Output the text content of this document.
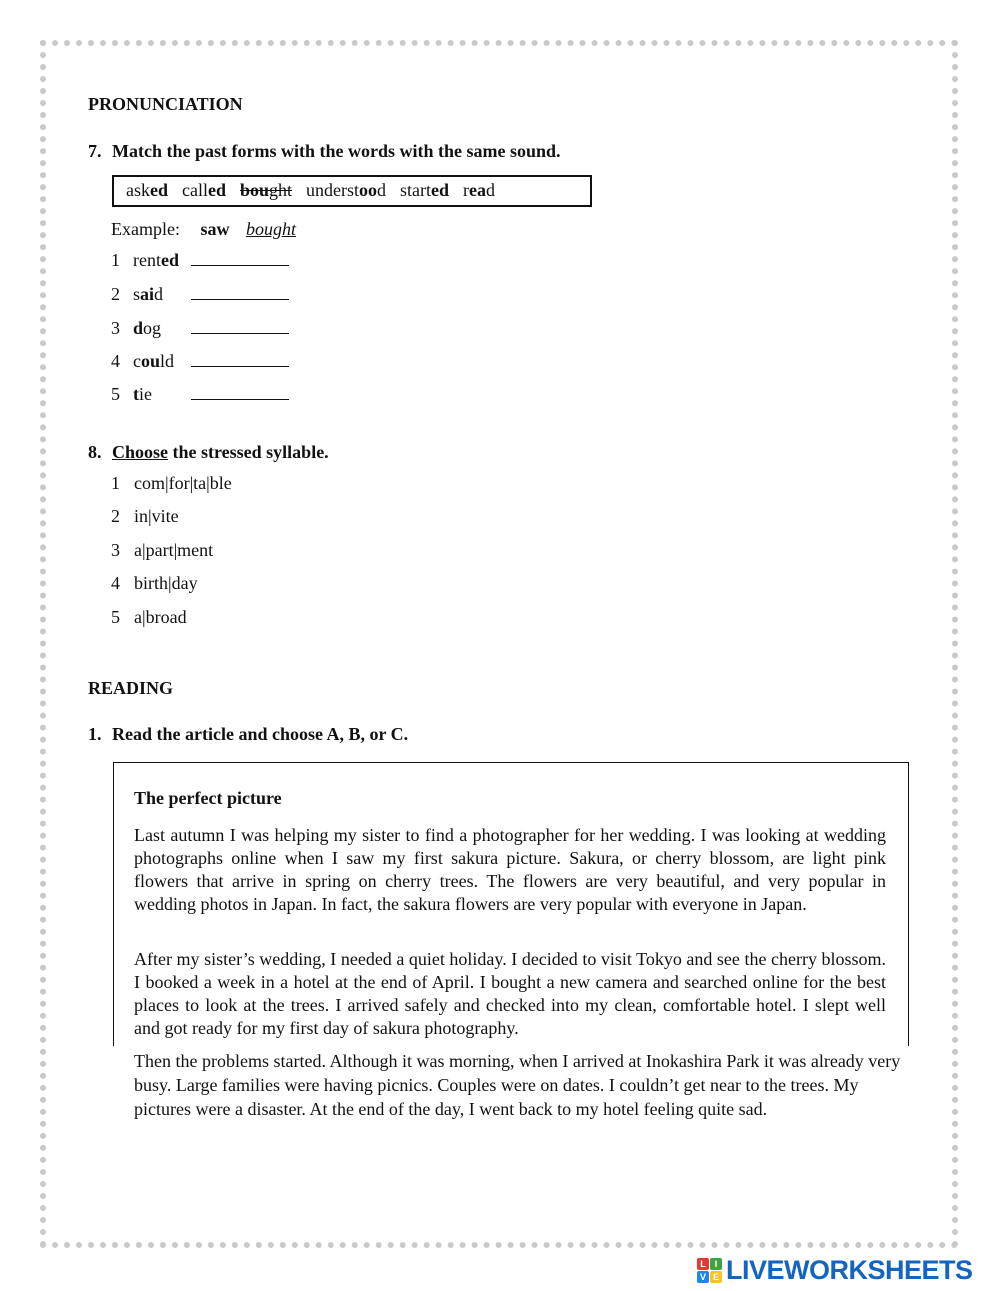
PRONUNCIATION
7. Match the past forms with the words with the same sound.
asked called bought understood started read
Example: saw bought
1 rented
2 said
3 dog
4 could
5 tie
8. Choose the stressed syllable.
1 com|for|ta|ble
2 in|vite
3 a|part|ment
4 birth|day
5 a|broad
READING
1. Read the article and choose A, B, or C.
The perfect picture
Last autumn I was helping my sister to find a photographer for her wedding. I was looking at wedding photographs online when I saw my first sakura picture. Sakura, or cherry blossom, are light pink flowers that arrive in spring on cherry trees. The flowers are very beautiful, and very popular in wedding photos in Japan. In fact, the sakura flowers are very popular with everyone in Japan.
After my sister’s wedding, I needed a quiet holiday. I decided to visit Tokyo and see the cherry blossom. I booked a week in a hotel at the end of April. I bought a new camera and searched online for the best places to look at the trees. I arrived safely and checked into my clean, comfortable hotel. I slept well and got ready for my first day of sakura photography.
Then the problems started. Although it was morning, when I arrived at Inokashira Park it was already very busy. Large families were having picnics. Couples were on dates. I couldn’t get near to the trees. My pictures were a disaster. At the end of the day, I went back to my hotel feeling quite sad.
L I
V E LIVEWORKSHEETS
